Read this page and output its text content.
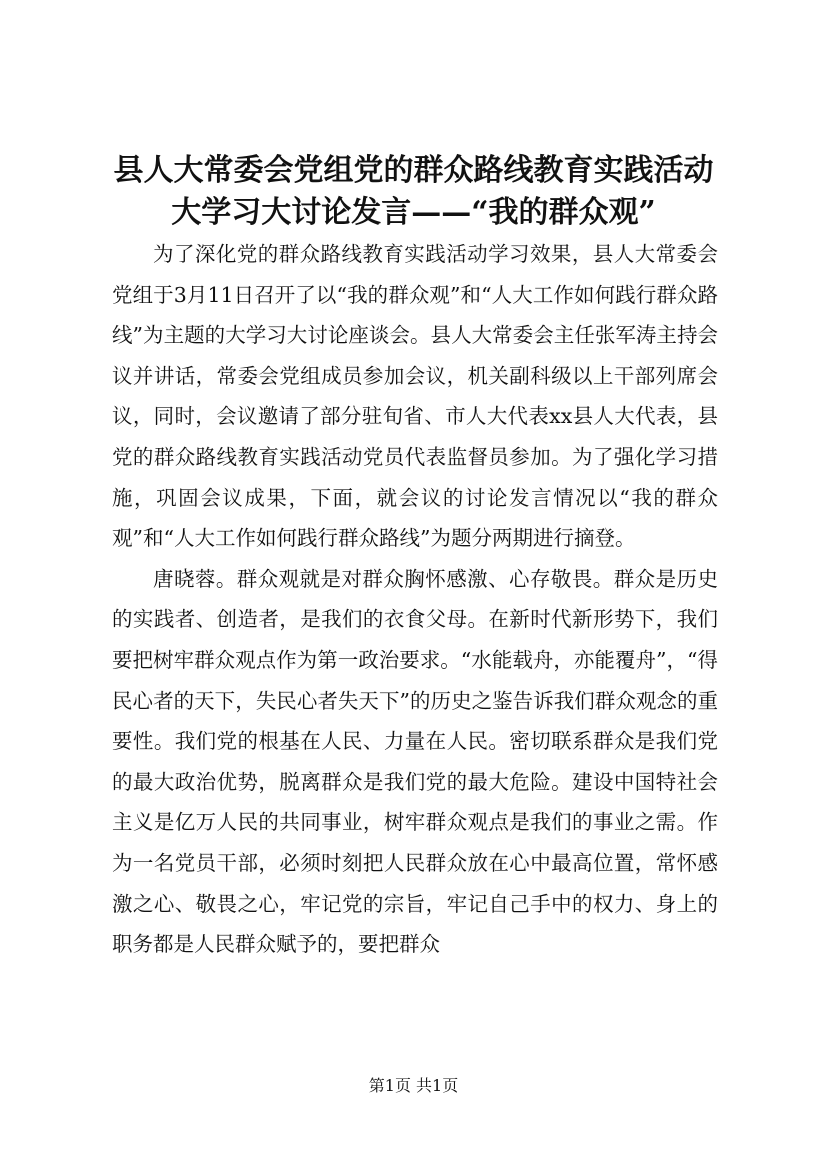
县人大常委会党组党的群众路线教育实践活动
大学习大讨论发言——“我的群众观”

为了深化党的群众路线教育实践活动学习效果，县人大常委会党组于3月11日召开了以“我的群众观”和“人大工作如何践行群众路线”为主题的大学习大讨论座谈会。县人大常委会主任张军涛主持会议并讲话，常委会党组成员参加会议，机关副科级以上干部列席会议，同时，会议邀请了部分驻旬省、市人大代表xx县人大代表，县党的群众路线教育实践活动党员代表监督员参加。为了强化学习措施，巩固会议成果，下面，就会议的讨论发言情况以“我的群众观”和“人大工作如何践行群众路线”为题分两期进行摘登。

唐晓蓉。群众观就是对群众胸怀感激、心存敬畏。群众是历史的实践者、创造者，是我们的衣食父母。在新时代新形势下，我们要把树牢群众观点作为第一政治要求。“水能载舟，亦能覆舟”，“得民心者的天下，失民心者失天下”的历史之鉴告诉我们群众观念的重要性。我们党的根基在人民、力量在人民。密切联系群众是我们党的最大政治优势，脱离群众是我们党的最大危险。建设中国特社会主义是亿万人民的共同事业，树牢群众观点是我们的事业之需。作为一名党员干部，必须时刻把人民群众放在心中最高位置，常怀感激之心、敬畏之心，牢记党的宗旨，牢记自己手中的权力、身上的职务都是人民群众赋予的，要把群众

第1页 共1页
